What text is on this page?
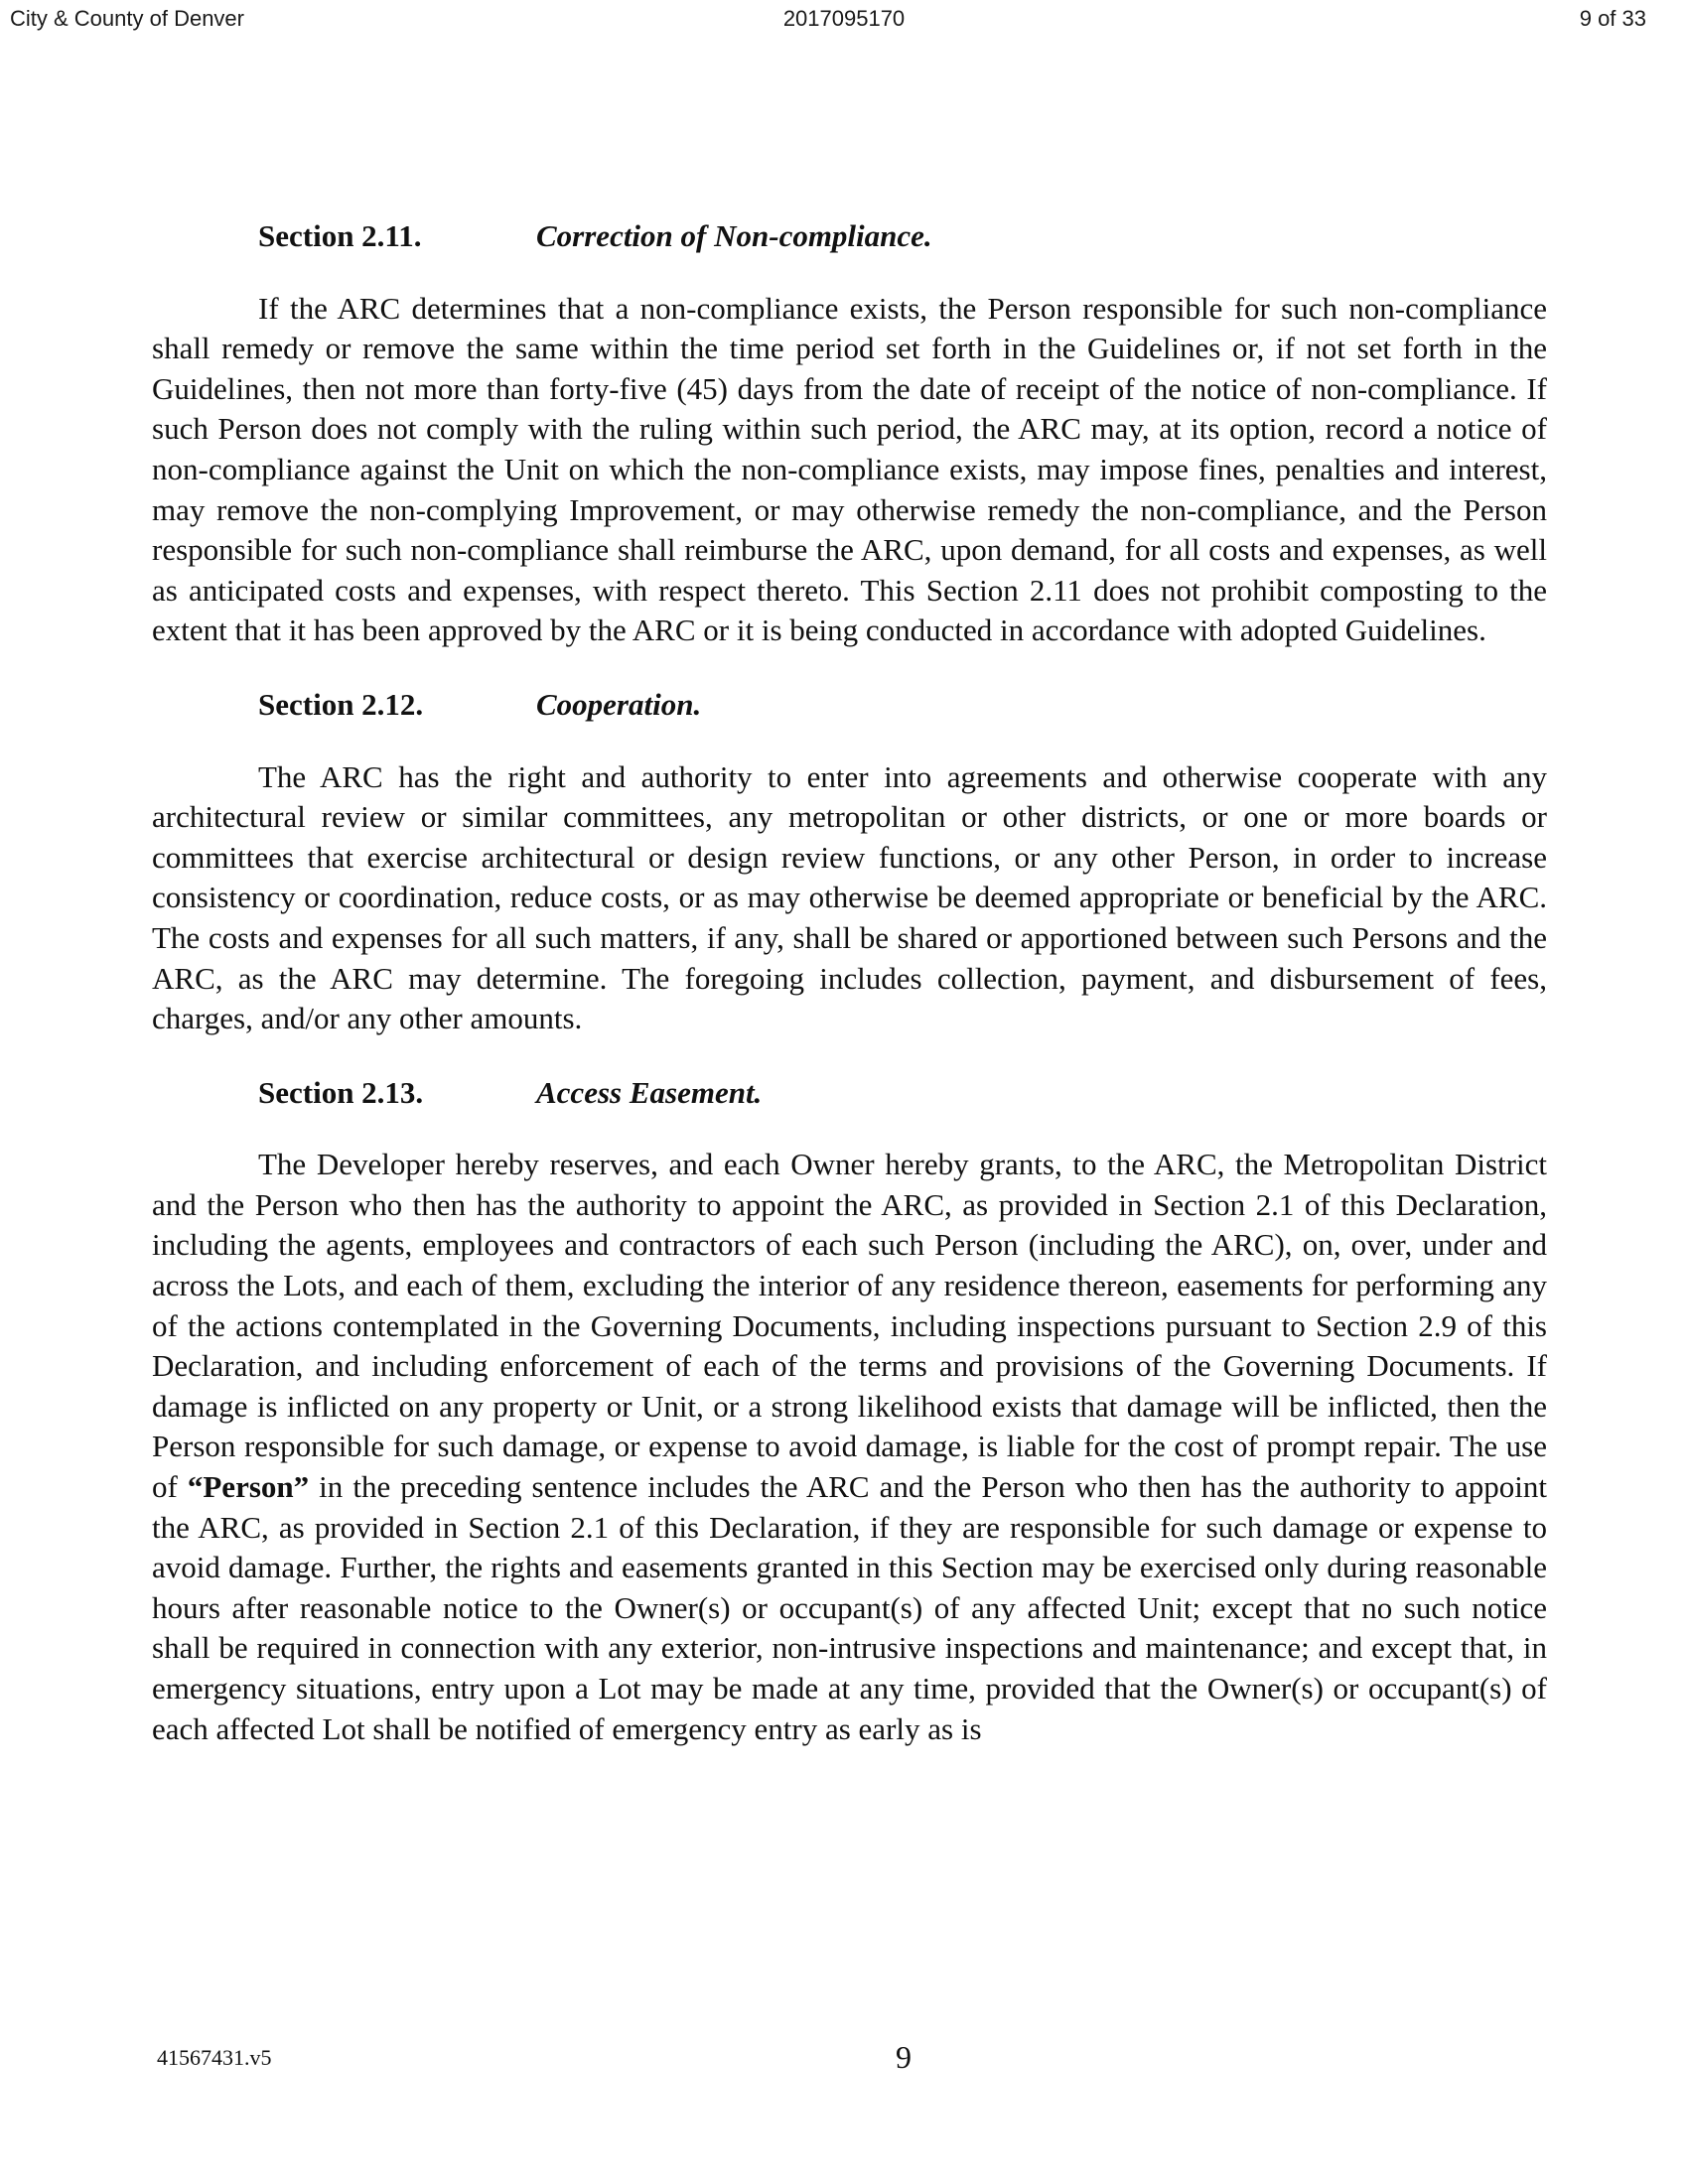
City & County of Denver	2017095170	9 of 33
Section 2.11.	Correction of Non-compliance.

If the ARC determines that a non-compliance exists, the Person responsible for such non-compliance shall remedy or remove the same within the time period set forth in the Guidelines or, if not set forth in the Guidelines, then not more than forty-five (45) days from the date of receipt of the notice of non-compliance. If such Person does not comply with the ruling within such period, the ARC may, at its option, record a notice of non-compliance against the Unit on which the non-compliance exists, may impose fines, penalties and interest, may remove the non-complying Improvement, or may otherwise remedy the non-compliance, and the Person responsible for such non-compliance shall reimburse the ARC, upon demand, for all costs and expenses, as well as anticipated costs and expenses, with respect thereto. This Section 2.11 does not prohibit composting to the extent that it has been approved by the ARC or it is being conducted in accordance with adopted Guidelines.

Section 2.12.	Cooperation.

The ARC has the right and authority to enter into agreements and otherwise cooperate with any architectural review or similar committees, any metropolitan or other districts, or one or more boards or committees that exercise architectural or design review functions, or any other Person, in order to increase consistency or coordination, reduce costs, or as may otherwise be deemed appropriate or beneficial by the ARC. The costs and expenses for all such matters, if any, shall be shared or apportioned between such Persons and the ARC, as the ARC may determine. The foregoing includes collection, payment, and disbursement of fees, charges, and/or any other amounts.

Section 2.13.	Access Easement.

The Developer hereby reserves, and each Owner hereby grants, to the ARC, the Metropolitan District and the Person who then has the authority to appoint the ARC, as provided in Section 2.1 of this Declaration, including the agents, employees and contractors of each such Person (including the ARC), on, over, under and across the Lots, and each of them, excluding the interior of any residence thereon, easements for performing any of the actions contemplated in the Governing Documents, including inspections pursuant to Section 2.9 of this Declaration, and including enforcement of each of the terms and provisions of the Governing Documents. If damage is inflicted on any property or Unit, or a strong likelihood exists that damage will be inflicted, then the Person responsible for such damage, or expense to avoid damage, is liable for the cost of prompt repair. The use of “Person” in the preceding sentence includes the ARC and the Person who then has the authority to appoint the ARC, as provided in Section 2.1 of this Declaration, if they are responsible for such damage or expense to avoid damage. Further, the rights and easements granted in this Section may be exercised only during reasonable hours after reasonable notice to the Owner(s) or occupant(s) of any affected Unit; except that no such notice shall be required in connection with any exterior, non-intrusive inspections and maintenance; and except that, in emergency situations, entry upon a Lot may be made at any time, provided that the Owner(s) or occupant(s) of each affected Lot shall be notified of emergency entry as early as is

41567431.v5	9
